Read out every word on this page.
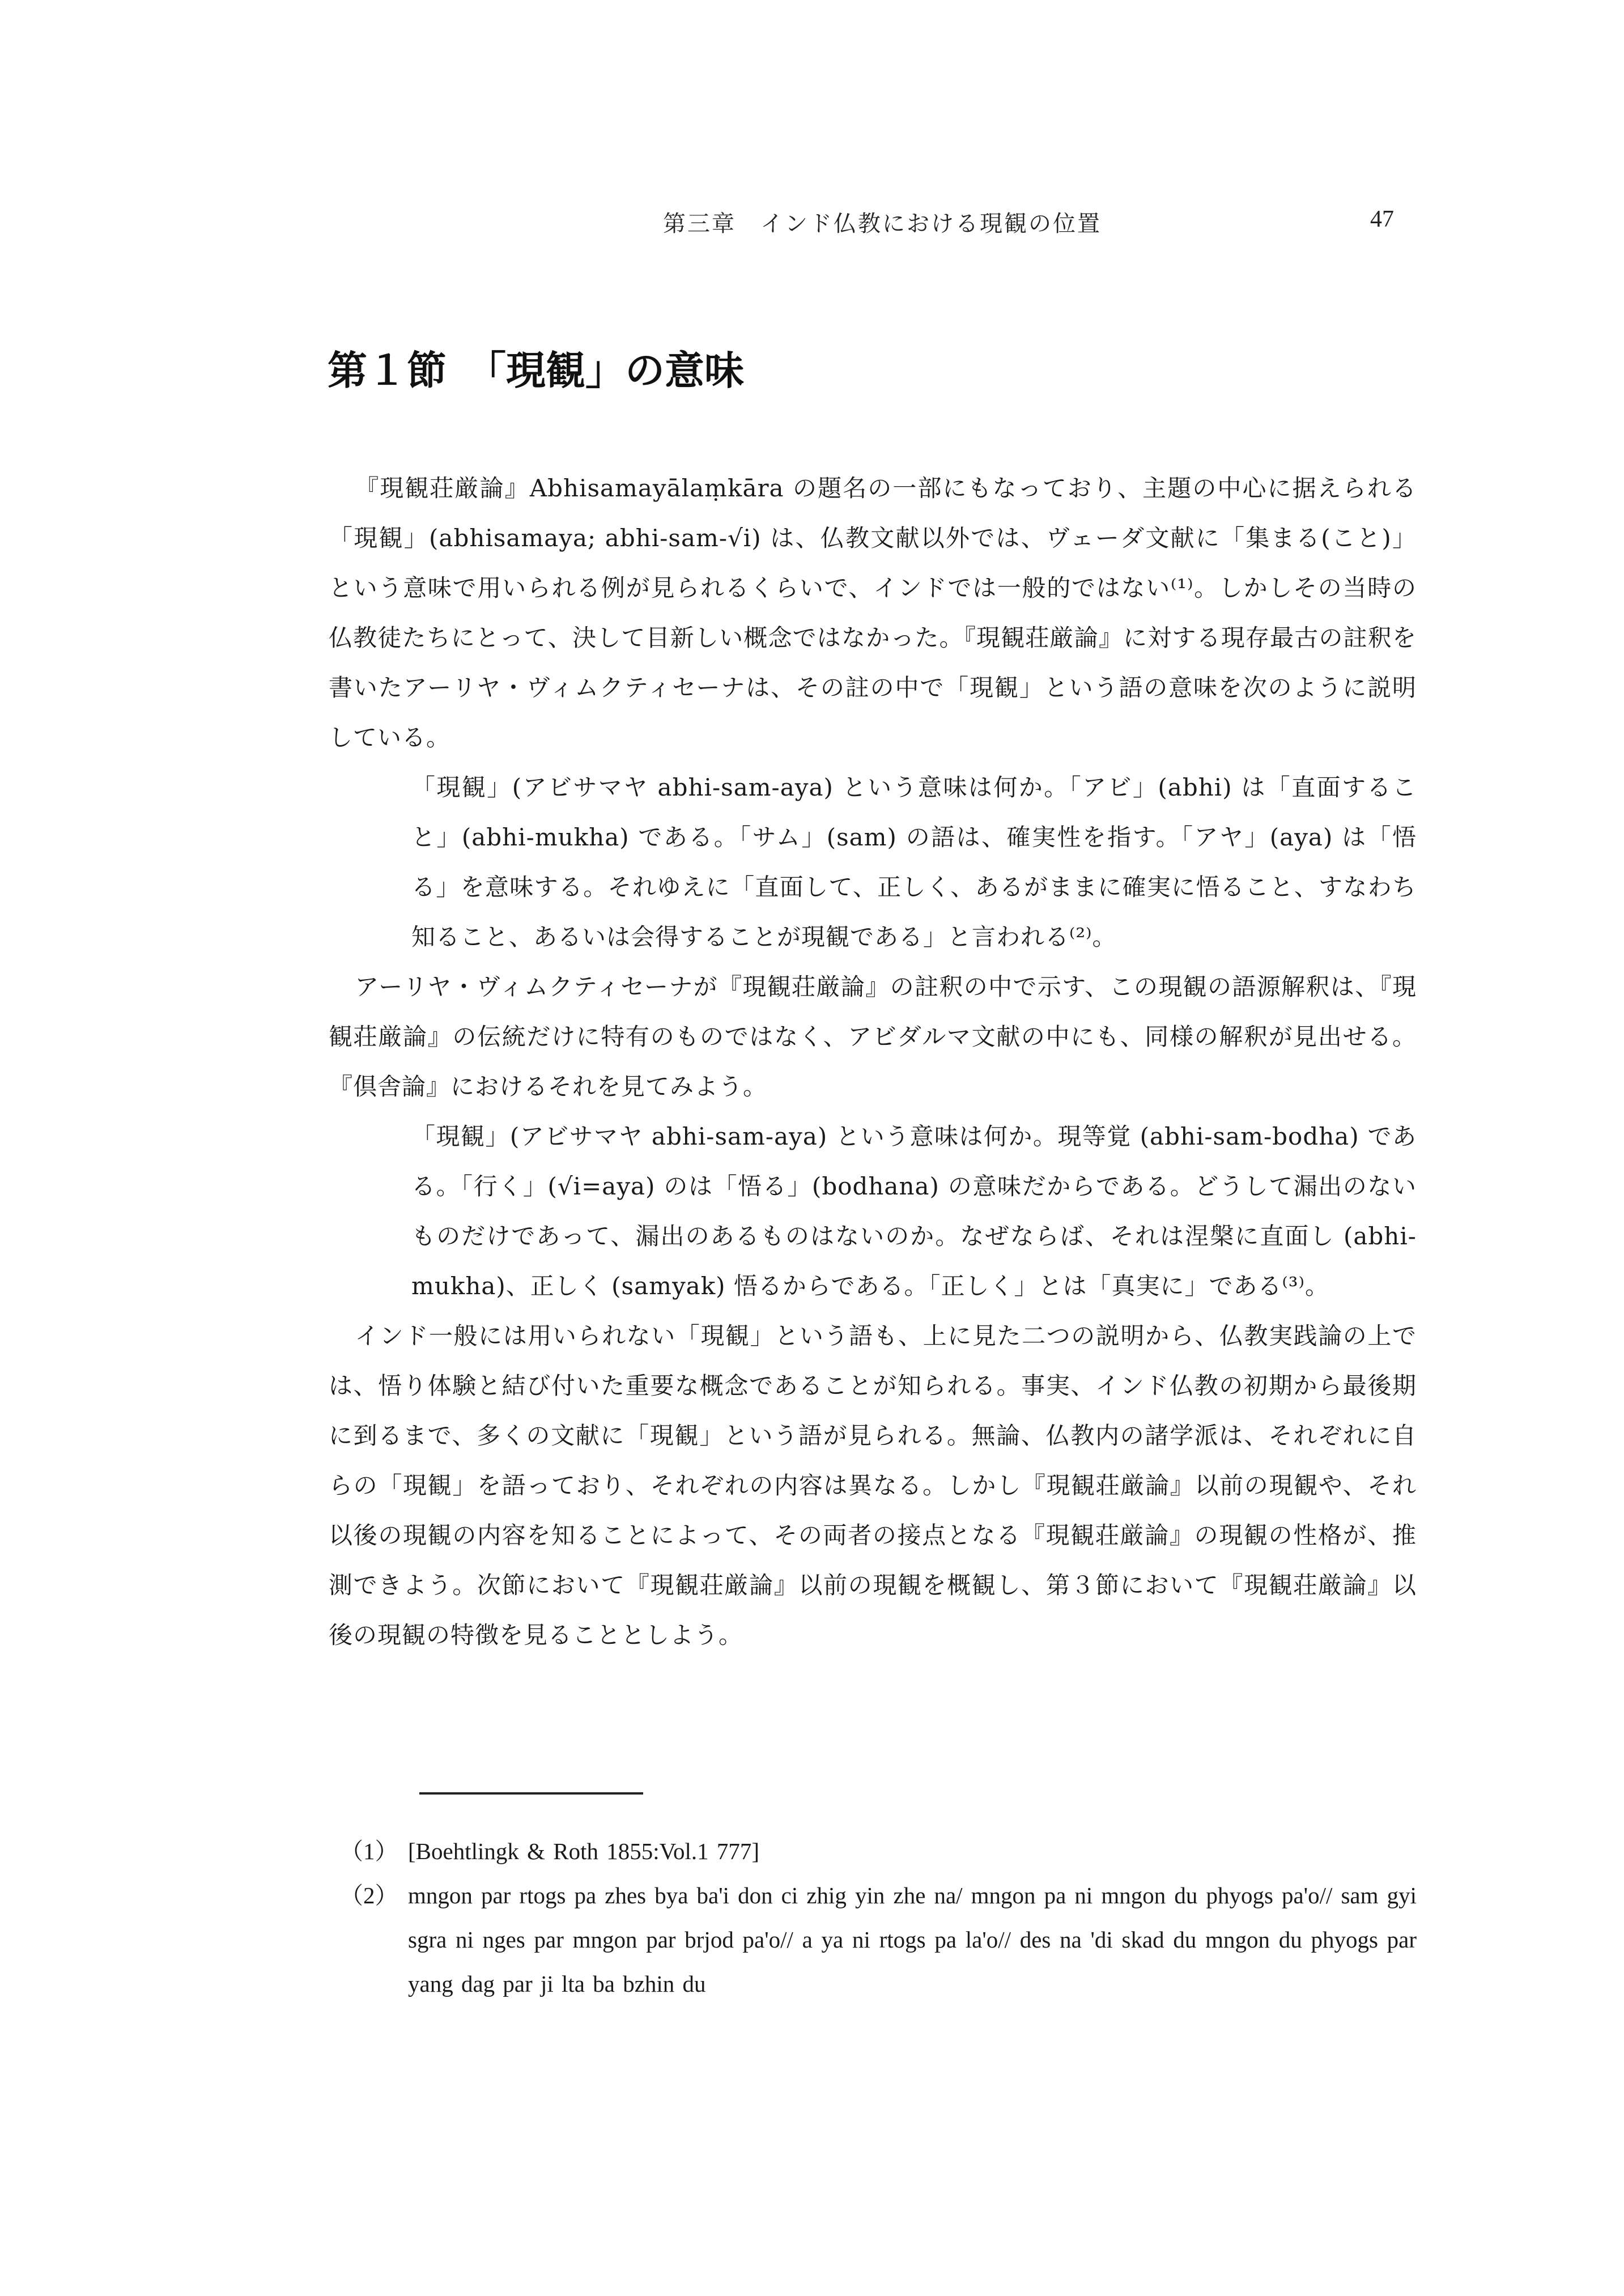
第三章　インド仏教における現観の位置	47
第１節　「現観」の意味

『現観荘厳論』Abhisamayālaṃkāra の題名の一部にもなっており、主題の中心に据えられる「現観」(abhisamaya; abhi-sam-√i) は、仏教文献以外では、ヴェーダ文献に「集まる(こと)」という意味で用いられる例が見られるくらいで、インドでは一般的ではない⁽¹⁾。しかしその当時の仏教徒たちにとって、決して目新しい概念ではなかった。『現観荘厳論』に対する現存最古の註釈を書いたアーリヤ・ヴィムクティセーナは、その註の中で「現観」という語の意味を次のように説明している。

「現観」(アビサマヤ abhi-sam-aya) という意味は何か。「アビ」(abhi) は「直面すること」(abhi-mukha) である。「サム」(sam) の語は、確実性を指す。「アヤ」(aya) は「悟る」を意味する。それゆえに「直面して、正しく、あるがままに確実に悟ること、すなわち知ること、あるいは会得することが現観である」と言われる⁽²⁾。

アーリヤ・ヴィムクティセーナが『現観荘厳論』の註釈の中で示す、この現観の語源解釈は、『現観荘厳論』の伝統だけに特有のものではなく、アビダルマ文献の中にも、同様の解釈が見出せる。『倶舎論』におけるそれを見てみよう。

「現観」(アビサマヤ abhi-sam-aya) という意味は何か。現等覚 (abhi-sam-bodha) である。「行く」(√i=aya) のは「悟る」(bodhana) の意味だからである。どうして漏出のないものだけであって、漏出のあるものはないのか。なぜならば、それは涅槃に直面し (abhi-mukha)、正しく (samyak) 悟るからである。「正しく」とは「真実に」である⁽³⁾。

インド一般には用いられない「現観」という語も、上に見た二つの説明から、仏教実践論の上では、悟り体験と結び付いた重要な概念であることが知られる。事実、インド仏教の初期から最後期に到るまで、多くの文献に「現観」という語が見られる。無論、仏教内の諸学派は、それぞれに自らの「現観」を語っており、それぞれの内容は異なる。しかし『現観荘厳論』以前の現観や、それ以後の現観の内容を知ることによって、その両者の接点となる『現観荘厳論』の現観の性格が、推測できよう。次節において『現観荘厳論』以前の現観を概観し、第３節において『現観荘厳論』以後の現観の特徴を見ることとしよう。

（1） [Boehtlingk & Roth 1855:Vol.1 777]
（2） mngon par rtogs pa zhes bya ba'i don ci zhig yin zhe na/ mngon pa ni mngon du phyogs pa'o// sam gyi sgra ni nges par mngon par brjod pa'o// a ya ni rtogs pa la'o// des na 'di skad du mngon du phyogs par yang dag par ji lta ba bzhin du
